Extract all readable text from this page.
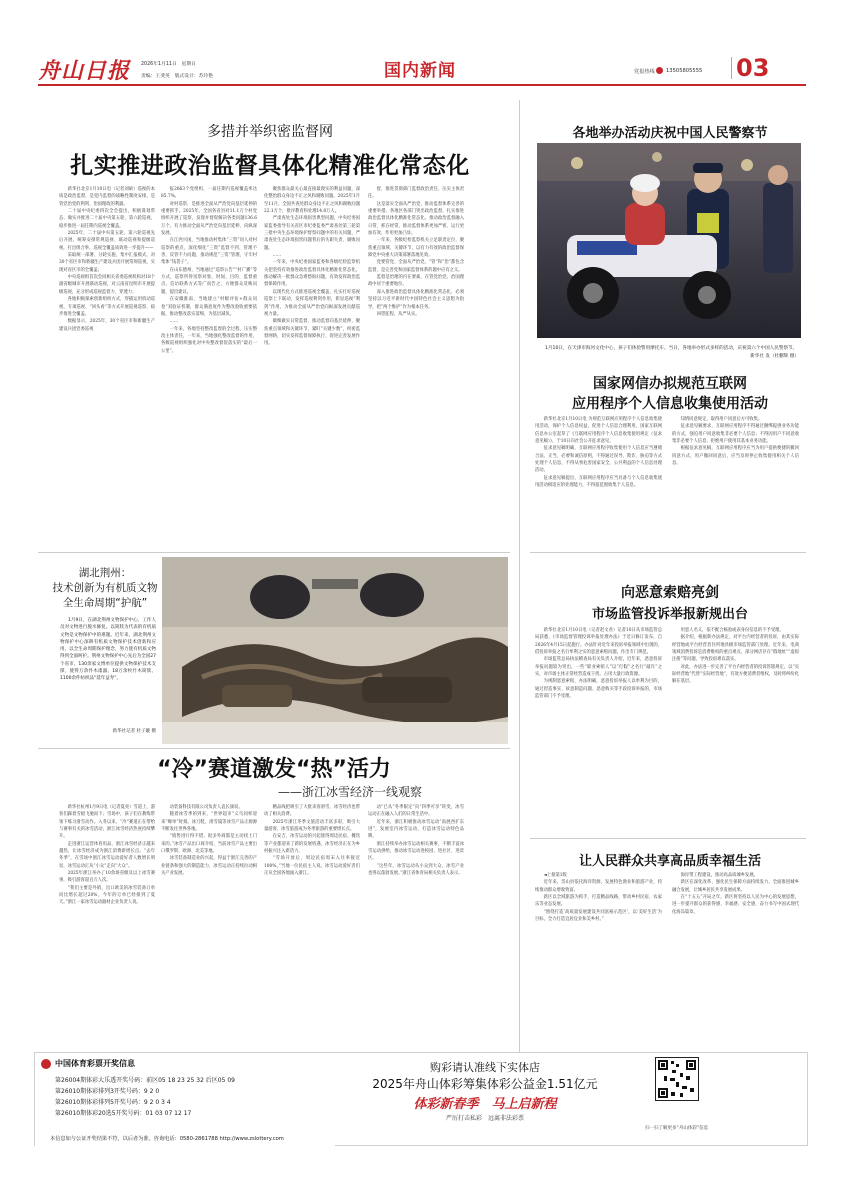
舟山日报 2026年1月11日　星期日
责编：王斐英　版式设计：苏玲艳	国内新闻	党报热线 13505805555 03
多措并举织密监督网
扎实推进政治监督具体化精准化常态化

新华社北京1月10日电（记者刘硕）巡视的本质是政治监督，是党内监督的战略性制度安排，是管党治党的利剑、治国理政的利器。

二十届中央纪委四次全会提出，积极谋划常态、做实并推进二十届中央第五轮、第六轮巡视，稳步推进一届任期内巡视全覆盖。

2025年，二十届中央第五轮、第六轮巡视先后开展，统筹安排常规巡视、联动巡视和提级巡视，打出组合拳，巡视全覆盖质效进一步提升——

采取统一部署、分轮实施、集中汇报模式，对30个省区市和新疆生产建设兵团开展常规巡视，实现对省区市的全覆盖；

中央巡视组首次会同相关省委巡视机构对18个副省级城市开展联动巡视，对云南省昆明市开展提级巡视，充分形成巡视监督力、穿透力；

各地积极探索创新组织方式，穿插运用机动巡视、专项巡视、“回头看”等方式开展巡视巡察，稳步推进全覆盖。

数据显示，2025年，30个省区市和新疆生产建设兵团党委巡视

报2663个党组织，一届任期内巡视覆盖率达85.7%。

对村巡察，是推进全面从严治党向基层延伸的重要抓手。2025年，全国各省县对11.1万个村党组织开展了巡察，发现并督促解决各类问题136.6万个，有力推动全面从严治党向基层延伸、向纵深发展。

在江西兴国，当地推动村集体“三资”同人对村巡察的重点，深化细化“三资”监督不到、管理不善、反管不力问题，推动规范“三资”管理，守牢村集体“钱袋子”。

在山东德州，当地通过“巡察公告”“村广播”等方式，巡察所得送察对象，时间、目的、监督重点，信访联系方式等广而告之，方便群众反映问题，提出建议。

在安徽淮南，当地建立“村级评估+群众问卷”双验证机制，群众满意度作为整改验收重要依据，推动整改落实落细，为基层减负。

……

一年来，各地坚持整改监督的全过程，压实整改主体责任，一年来，当地强化整改监督的作用，各级巡视组织强化对中央整改督促落实的“最后一公里”。

聚焦群众最关心最直接最现实的利益问题，深化整治群众身边不正之风和腐败问题。2025年1月至11月，全国共查处群众身边不正之风和腐败问题22.1万个，批评教育和处理14.8万人。

严肃查处生态环境损害典型问题，中央纪委国家监委指导有关省区市纪委监委严肃查处第三轮第三批中央生态环境保护督察问题中的有关问题，严肃查处生态环境损害问题背后的失职失责、腐败问题。

……

一年来，中央纪委国家监委和各级纪检监察机关把坚持有效推进政治监督具体化精准化常态化，推动解决一批群众急难愁盼问题，有效发挥政治监督保障作用。

以现代化方式推进巡视全覆盖，扎实打好巡视巡察上下联动，发挥巡视利剑作用，彰显巡视“利剑”作用，为推动全面从严治党向纵深发展贡献巡视力量。

做细做实日常监督，推动监督向基层延伸，聚焦重点领域和关键环节，紧盯“关键少数”，织密监督网络，切实发挥监督保障执行、促进完善发展作用。

督，推进贯彻部门监督政治责任、压实主体责任。

这是落实全面从严治党、推动监督体系完善的重要举措。各地区各部门突出政治监督，扎实推进政治监督具体化精准化常态化。推动政治监督融入日常、抓在经常，推动监督体系更加严密、运行更加有效、作用更加凸显。

一年来，各级纪检监察机关立足职责定位，聚焦重点领域、关键环节，以有力有效的政治监督保障党中央重大决策部署落地见效。

党要管党、全面从严治党，“管”和“治”都包含监督，是完善党和国家监督体系的题中应有之义。

监督是治理的内在要素，在管党治党、治国理政中居于重要地位。

深入推进政治监督具体化精准化常态化，必须坚持以习近平新时代中国特色社会主义思想为指导，把“两个维护”作为根本任务。

回望征程，从严从实。

各地举办活动庆祝中国人民警察节
1月10日，在天津市海河文化中心，孩子们体验警用摩托车。当日，各地举办形式多样的活动，庆祝第六个中国人民警察节。
新华社 发（杜鹏辉 摄）
国家网信办拟规范互联网
应用程序个人信息收集使用活动

新华社北京1月10日电 为规范互联网应用程序个人信息收集使用活动，保护个人信息权益，促进个人信息合理利用，国家互联网信息办公室起草了《互联网应用程序个人信息收集使用规定（征求意见稿）》，于10日向社会公开征求意见。

征求意见稿明确，互联网应用程序收集使用个人信息应当遵循合法、正当、必要和诚信原则，不得通过误导、欺诈、胁迫等方式处理个人信息，不得从事危害国家安全、公共利益的个人信息处理活动。

征求意见稿提出，互联网应用程序应当具备与个人信息收集使用活动相适应的处理能力，不得超范围收集个人信息。

知情同意规定，取得用户同意后方可收集。

征求意见稿要求，互联网应用程序不得通过捆绑提供业务功能的方式，强迫用户同意收集非必要个人信息；不得因用户不同意收集非必要个人信息，拒绝用户使用其基本业务功能。

根据征求意见稿，互联网应用程序应当为用户提供便捷的撤回同意方式，用户撤回同意后，应当及时停止收集使用相关个人信息。

湖北荆州：
技术创新为有机质文物
全生命周期“护航”
1月9日，在湖北荆州文物保护中心，工作人员对文物进行脱水修复。以简牍为代表的有机质文物是文物保护中的难题。近年来，湖北荆州文物保护中心深耕有机质文物保护技术创新和应用，以全生命周期保护理念，努力使有机质文物得到全面呵护。荆州文物保护中心先后为全国27个省市、130余家文博单位提供文物保护技术支撑，使得万余件木漆器、18万余枚竹木简牍、1100余件纺织品“延年益寿”。
新华社记者 杜子璇 摄
向恶意索赔亮剑
市场监管投诉举报新规出台

新华社北京1月10日电（记者赵文君）记者10日从市场监管总局获悉，《市场监督管理投诉举报处理办法》于近日修订发布，自2026年4月15日起施行。办法针对近年来投诉举报领域中出现的，借投诉举报之名行牟利之实的恶意索赔问题，作出专门规范。

市场监管总局执法稽查局有关负责人介绍，近年来，恶意投诉举报问题较为突出，一些“职业索赔人”以“打假”之名行“敲诈”之实，对市场主体正常经营造成干扰，占用大量行政资源。

为规制恶意索赔，办法明确，恶意投诉举报人以牟利为目的，通过捏造事实、故意制造问题、恶意购买等手段投诉举报的，市场监管部门不予受理。

用恶人名义，依不配合核验或表身份信息的不予受理。

据介绍，根据新办法规定，对平台内经营者的投诉，由其实际经营地或平台经营者住所地县级市场监管部门处理。近年来，电商领域消费投诉是消费维权的重点难点，部分网店存在“假地址”“虚拟注册”等问题，导致投诉难以落实。

对此，办法进一步完善了平台内经营者的投诉管辖规定，以“实际经营地”代替“实际经营地”，有效方便消费者维权，及时将纠纷化解在基层。

“冷”赛道激发“热”活力
——浙江冰雪经济一线观察

新华社杭州1月9日电（记者夏亮）雪道上，游客们踩着雪板飞驰而下；雪场中，孩子们在教练带领下练习滑雪动作。入冬以来，“冷”赛道正在带给与赛事有关的冰雪活动，浙江冰雪经济热度持续攀升。

走进浙江运营体育用品，浙江冰雪经济正越来越热，让冰雪经济成为浙江消费新增长点。“去年冬季”，在雪场中浙江冰雪运动爱好者人数增长明显，冰雪运动正从“小众”走向“大众”。

2025年浙江举办了10余场省级及以上冰雪赛事，吸引游客超百万人次。

“我们主要是外销，出口欧美的冰雪装备订单同比增长超过20%，今年的订单已经排到了夏天。”浙江一家冰雪运动器材企业负责人说。

动装备科技有限公司负责人袁长康说。

随着冰雪季的到来，“世界超市”义乌同样迎来“爆单”时刻。冰刀鞋、滑雪镜等冰雪产品正源源不断发往世界各地。

“销售进行得不错，很多外商都是主动找上门来的。”冰雪产品出口商介绍，当前冰雪产品主要出口俄罗斯、欧洲、北美等地。

冰雪装备制造业的兴起，得益于浙江完善的产业链条和强大的制造能力，冰雪运动正持续拉动相关产业发展。

精品线把吸引了大批来客滑雪，冰雪经济也带动了相关消费。

2025年浙江冬季文旅活动丰富多彩，吸引大量游客，冰雪旅游成为冬季旅游的重要增长点。

在安吉，冰雪运动的兴起使得周边民宿、餐饮等产业都迎来了新的发展机遇，冰雪经济正在为乡村振兴注入新活力。

“雪场开放后，周边民宿周末入住率接近100%。”当地一位民宿主人说。冰雪运动爱好者们正从全国各地涌入浙江。

动”已从“冬季限定”向“四季可享”转变，冰雪运动正在融入人们的日常生活中。

近年来，浙江积极推动冰雪运动“南展西扩东进”，发展室内冰雪运动，打造冰雪运动特色品牌。

浙江持续举办冰雪运动相关赛事，不断丰富冰雪运动供给，推动冰雪运动进校园、进社区、进景区。

“这些年，冰雪运动从小众到大众，冰雪产业也得以蓬勃发展。”浙江省体育局相关负责人表示。

让人民群众共享高品质幸福生活

◄上接第1版

近年来，岱山县依托海洋资源，发展特色渔业和旅游产业，持续推动群众增收致富。

新区以全域旅游为抓手，打造精品线路，带动乡村民宿、农家乐等业态发展。

“围绕打造‘高质量发展建设共同富裕示范区’，以‘美好生活’为目标，全力打造宜居宜业和美乡村。”

海岸带工程建设，推动高品质城乡发展。

新区在深化改革、强化民生保障方面持续发力，全面推进城乡融合发展，让城乡居民共享发展成果。

在“十五五”开局之年，新区将坚持以人民为中心的发展思想，进一步提升群众的获得感、幸福感、安全感，奋力书写中国式现代化海岛篇章。

中国体育彩票开奖信息
第26004期体彩大乐透开奖号码：前区05 18 23 25 32 后区05 09
第26010期体彩排列3开奖号码：9 2 0
第26010期体彩排列5开奖号码：9 2 0 3 4
第26010期体彩20选5开奖号码：01 03 07 12 17
购彩请认准线下实体店
2025年舟山体彩筹集体彩公益金1.51亿元
体彩新春季　马上启新程
严厉打击私彩　远离非法彩票
扫一扫了解更多“舟山体彩”信息
本信息如与公证开奖结果不符，以后者为准。咨询电话：0580-2861788 http://www.zslottery.com
